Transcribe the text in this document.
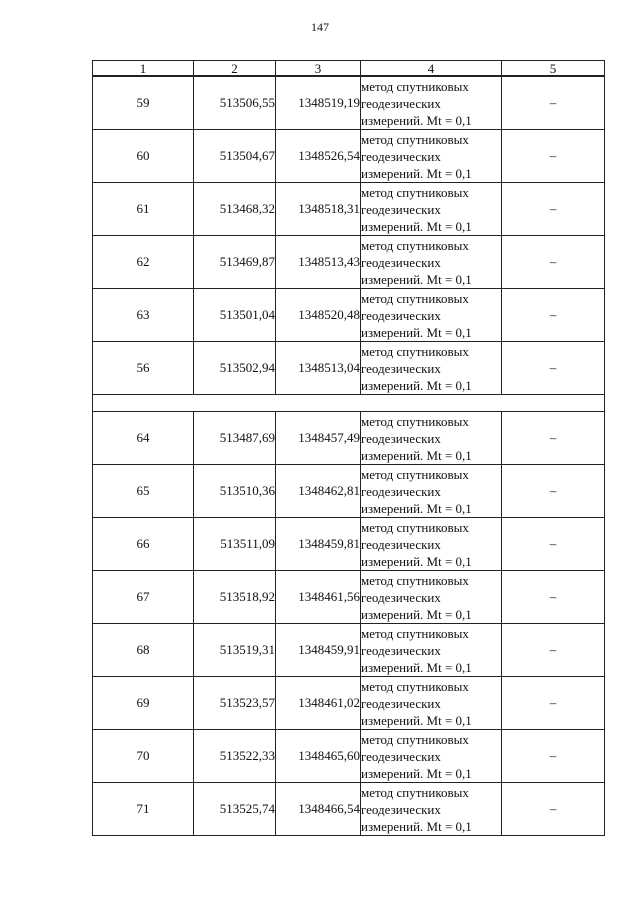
147
1	2	3	4	5
59	513506,55	1348519,19	метод спутниковых
геодезических
измерений. Mt = 0,1	–
60	513504,67	1348526,54	метод спутниковых
геодезических
измерений. Mt = 0,1	–
61	513468,32	1348518,31	метод спутниковых
геодезических
измерений. Mt = 0,1	–
62	513469,87	1348513,43	метод спутниковых
геодезических
измерений. Mt = 0,1	–
63	513501,04	1348520,48	метод спутниковых
геодезических
измерений. Mt = 0,1	–
56	513502,94	1348513,04	метод спутниковых
геодезических
измерений. Mt = 0,1	–

64	513487,69	1348457,49	метод спутниковых
геодезических
измерений. Mt = 0,1	–
65	513510,36	1348462,81	метод спутниковых
геодезических
измерений. Mt = 0,1	–
66	513511,09	1348459,81	метод спутниковых
геодезических
измерений. Mt = 0,1	–
67	513518,92	1348461,56	метод спутниковых
геодезических
измерений. Mt = 0,1	–
68	513519,31	1348459,91	метод спутниковых
геодезических
измерений. Mt = 0,1	–
69	513523,57	1348461,02	метод спутниковых
геодезических
измерений. Mt = 0,1	–
70	513522,33	1348465,60	метод спутниковых
геодезических
измерений. Mt = 0,1	–
71	513525,74	1348466,54	метод спутниковых
геодезических
измерений. Mt = 0,1	–
